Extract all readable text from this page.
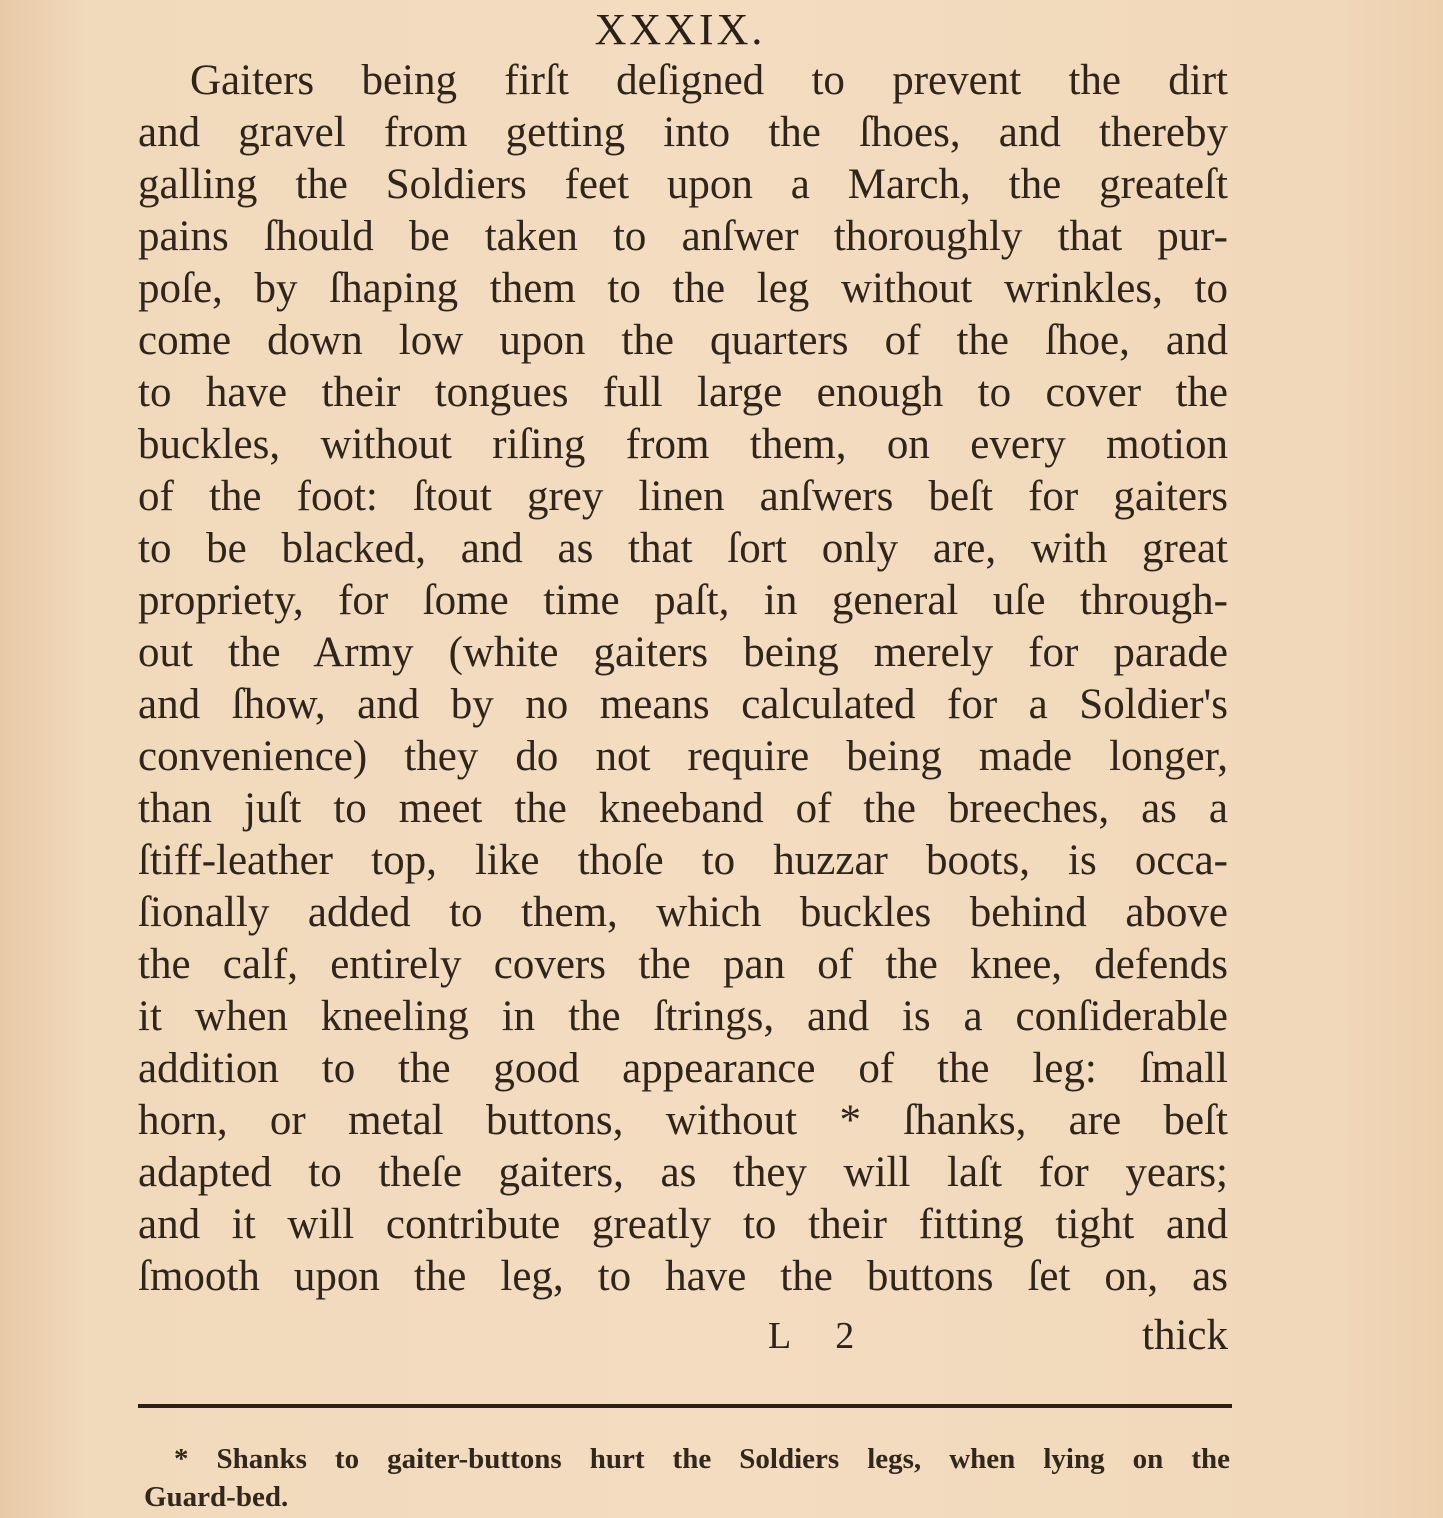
XXXIX.
Gaiters being firſt deſigned to prevent the dirt
and gravel from getting into the ſhoes, and thereby
galling the Soldiers feet upon a March, the greateſt
pains ſhould be taken to anſwer thoroughly that pur-
poſe, by ſhaping them to the leg without wrinkles, to
come down low upon the quarters of the ſhoe, and
to have their tongues full large enough to cover the
buckles, without riſing from them, on every motion
of the foot: ſtout grey linen anſwers beſt for gaiters
to be blacked, and as that ſort only are, with great
propriety, for ſome time paſt, in general uſe through-
out the Army (white gaiters being merely for parade
and ſhow, and by no means calculated for a Soldier's
convenience) they do not require being made longer,
than juſt to meet the kneeband of the breeches, as a
ſtiff-leather top, like thoſe to huzzar boots, is occa-
ſionally added to them, which buckles behind above
the calf, entirely covers the pan of the knee, defends
it when kneeling in the ſtrings, and is a conſiderable
addition to the good appearance of the leg: ſmall
horn, or metal buttons, without * ſhanks, are beſt
adapted to theſe gaiters, as they will laſt for years;
and it will contribute greatly to their fitting tight and
ſmooth upon the leg, to have the buttons ſet on, as
L 2	thick
* Shanks to gaiter-buttons hurt the Soldiers legs, when lying on the
Guard-bed.
